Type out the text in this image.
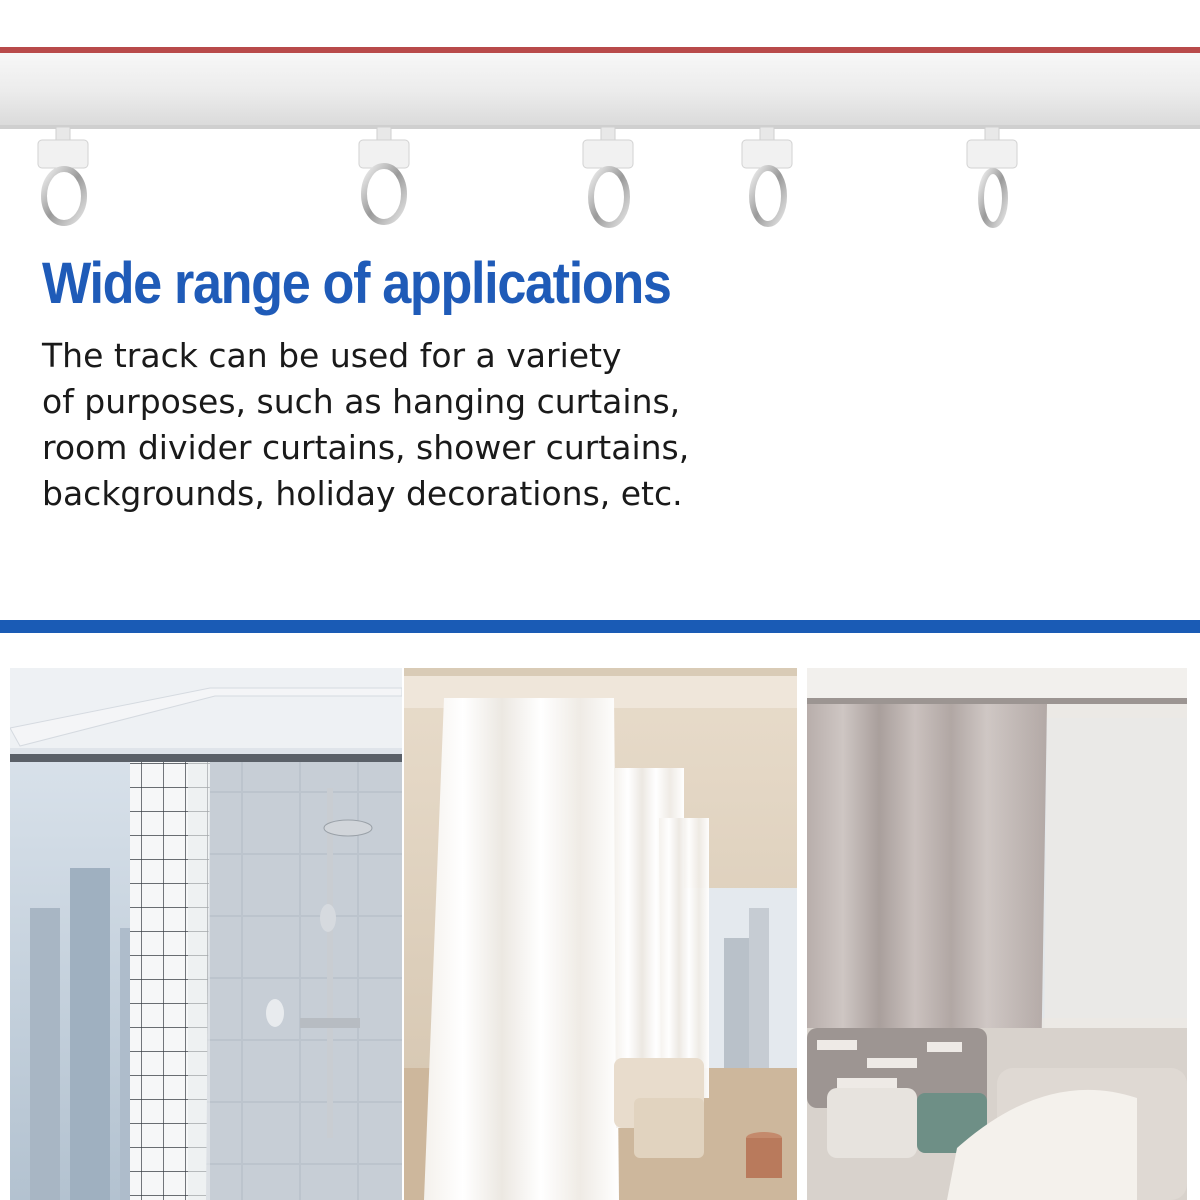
Wide range of applications

The track can be used for a variety
of purposes, such as hanging curtains,
room divider curtains, shower curtains,
backgrounds, holiday decorations, etc.
